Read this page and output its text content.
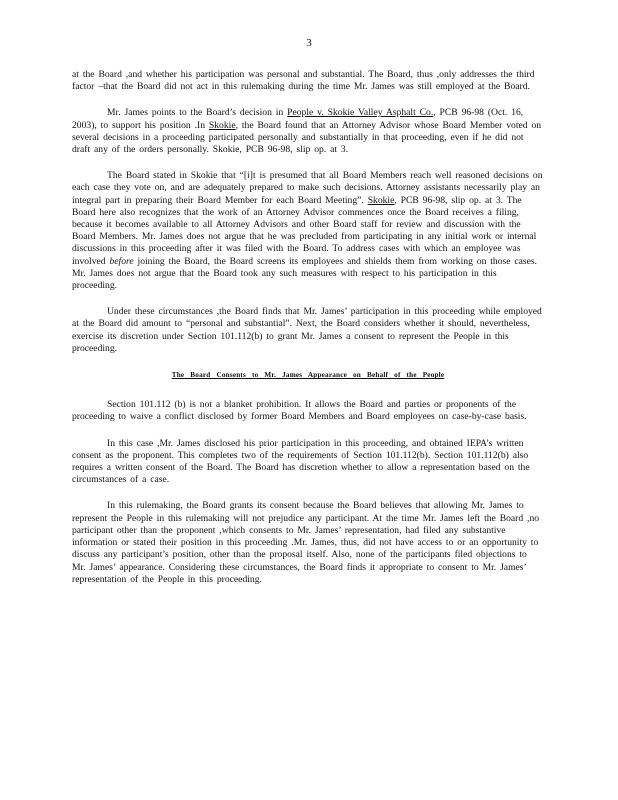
3

at the Board ,and whether his participation was personal and substantial. The Board, thus ,only addresses the third factor –that the Board did not act in this rulemaking during the time Mr. James was still employed at the Board.

Mr. James points to the Board’s decision in People v. Skokie Valley Asphalt Co., PCB 96-98 (Oct. 16, 2003), to support his position .In Skokie, the Board found that an Attorney Advisor whose Board Member voted on several decisions in a proceeding participated personally and substantially in that proceeding, even if he did not draft any of the orders personally. Skokie, PCB 96-98, slip op. at 3.

The Board stated in Skokie that “[i]t is presumed that all Board Members reach well reasoned decisions on each case they vote on, and are adequately prepared to make such decisions. Attorney assistants necessarily play an integral part in preparing their Board Member for each Board Meeting”. Skokie, PCB 96-98, slip op. at 3. The Board here also recognizes that the work of an Attorney Advisor commences once the Board receives a filing, because it becomes available to all Attorney Advisors and other Board staff for review and discussion with the Board Members. Mr. James does not argue that he was precluded from participating in any initial work or internal discussions in this proceeding after it was filed with the Board. To address cases with which an employee was involved before joining the Board, the Board screens its employees and shields them from working on those cases. Mr. James does not argue that the Board took any such measures with respect to his participation in this proceeding.

Under these circumstances ,the Board finds that Mr. James’ participation in this proceeding while employed at the Board did amount to “personal and substantial”. Next, the Board considers whether it should, nevertheless, exercise its discretion under Section 101.112(b) to grant Mr. James a consent to represent the People in this proceeding.

The Board Consents to Mr. James Appearance on Behalf of the People

Section 101.112 (b) is not a blanket prohibition. It allows the Board and parties or proponents of the proceeding to waive a conflict disclosed by former Board Members and Board employees on case-by-case basis.

In this case ,Mr. James disclosed his prior participation in this proceeding, and obtained IEPA’s written consent as the proponent. This completes two of the requirements of Section 101.112(b). Section 101.112(b) also requires a written consent of the Board. The Board has discretion whether to allow a representation based on the circumstances of a case.

In this rulemaking, the Board grants its consent because the Board believes that allowing Mr. James to represent the People in this rulemaking will not prejudice any participant. At the time Mr. James left the Board ,no participant other than the proponent ,which consents to Mr. James’ representation, had filed any substantive information or stated their position in this proceeding .Mr. James, thus, did not have access to or an opportunity to discuss any participant’s position, other than the proposal itself. Also, none of the participants filed objections to Mr. James’ appearance. Considering these circumstances, the Board finds it appropriate to consent to Mr. James’ representation of the People in this proceeding.
